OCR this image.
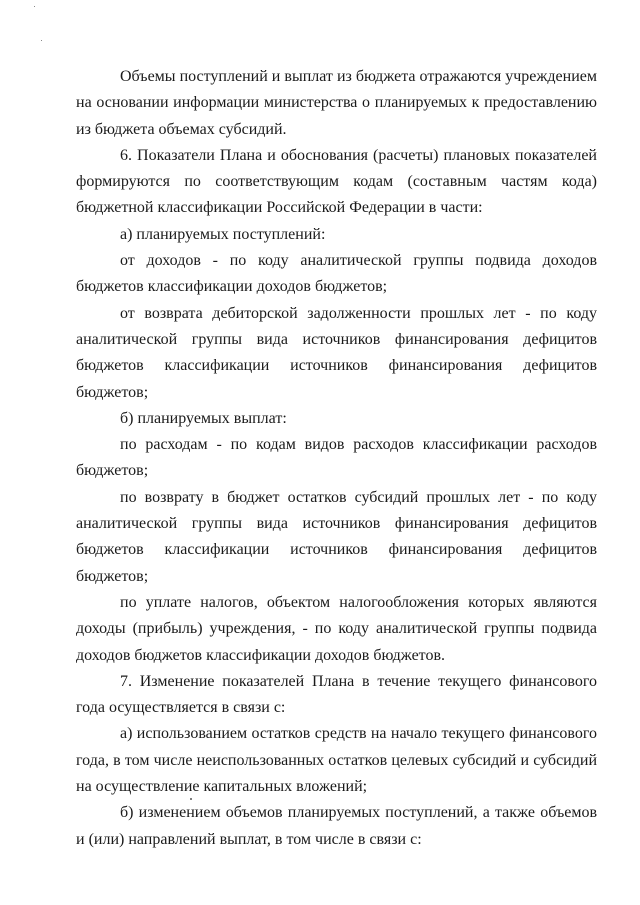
Объемы поступлений и выплат из бюджета отражаются учреждением на основании информации министерства о планируемых к предоставлению из бюджета объемах субсидий.

6. Показатели Плана и обоснования (расчеты) плановых показателей формируются по соответствующим кодам (составным частям кода) бюджетной классификации Российской Федерации в части:

а) планируемых поступлений:

от доходов - по коду аналитической группы подвида доходов бюджетов классификации доходов бюджетов;

от возврата дебиторской задолженности прошлых лет - по коду аналитической группы вида источников финансирования дефицитов бюджетов классификации источников финансирования дефицитов бюджетов;

б) планируемых выплат:

по расходам - по кодам видов расходов классификации расходов бюджетов;

по возврату в бюджет остатков субсидий прошлых лет - по коду аналитической группы вида источников финансирования дефицитов бюджетов классификации источников финансирования дефицитов бюджетов;

по уплате налогов, объектом налогообложения которых являются доходы (прибыль) учреждения, - по коду аналитической группы подвида доходов бюджетов классификации доходов бюджетов.

7. Изменение показателей Плана в течение текущего финансового года осуществляется в связи с:

а) использованием остатков средств на начало текущего финансового года, в том числе неиспользованных остатков целевых субсидий и субсидий на осуществление капитальных вложений;

б) изменением объемов планируемых поступлений, а также объемов и (или) направлений выплат, в том числе в связи с:
